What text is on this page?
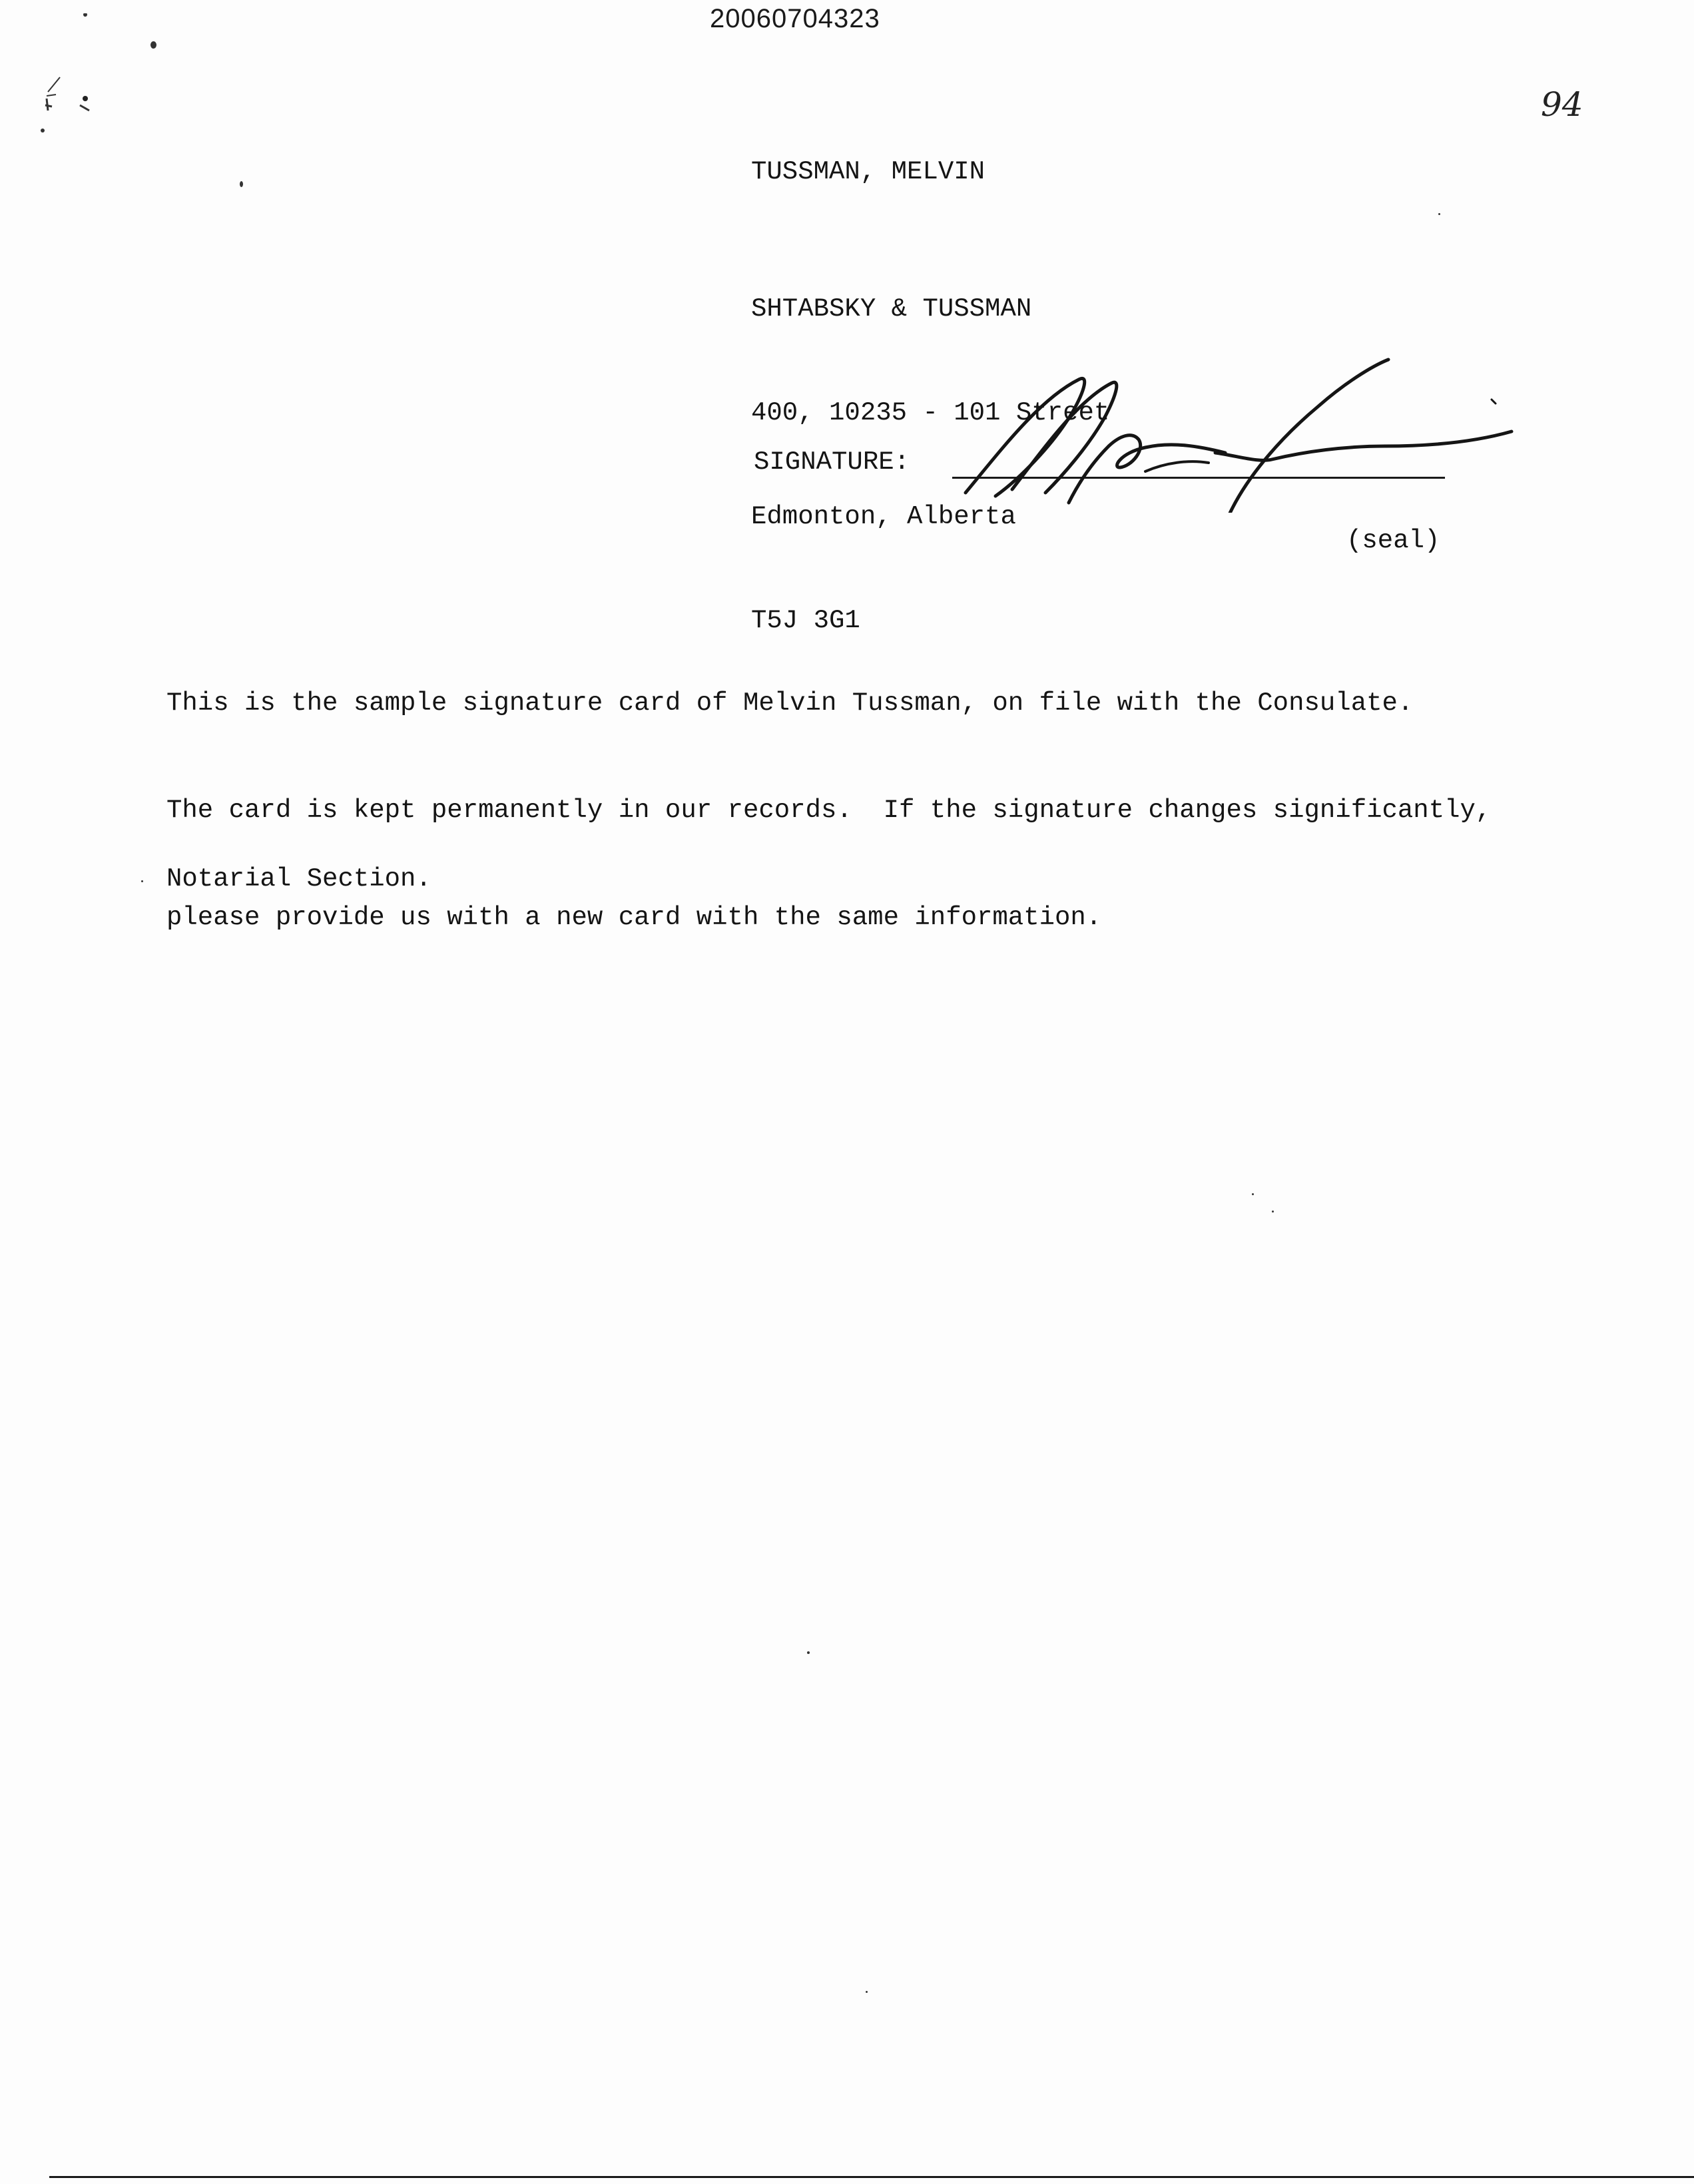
20060704323
94
TUSSMAN, MELVIN

SHTABSKY & TUSSMAN

400, 10235 - 101 Street

Edmonton, Alberta

T5J 3G1

SIGNATURE:
(seal)

This is the sample signature card of Melvin Tussman, on file with the Consulate.

The card is kept permanently in our records.  If the signature changes significantly,

please provide us with a new card with the same information.

Notarial Section.
